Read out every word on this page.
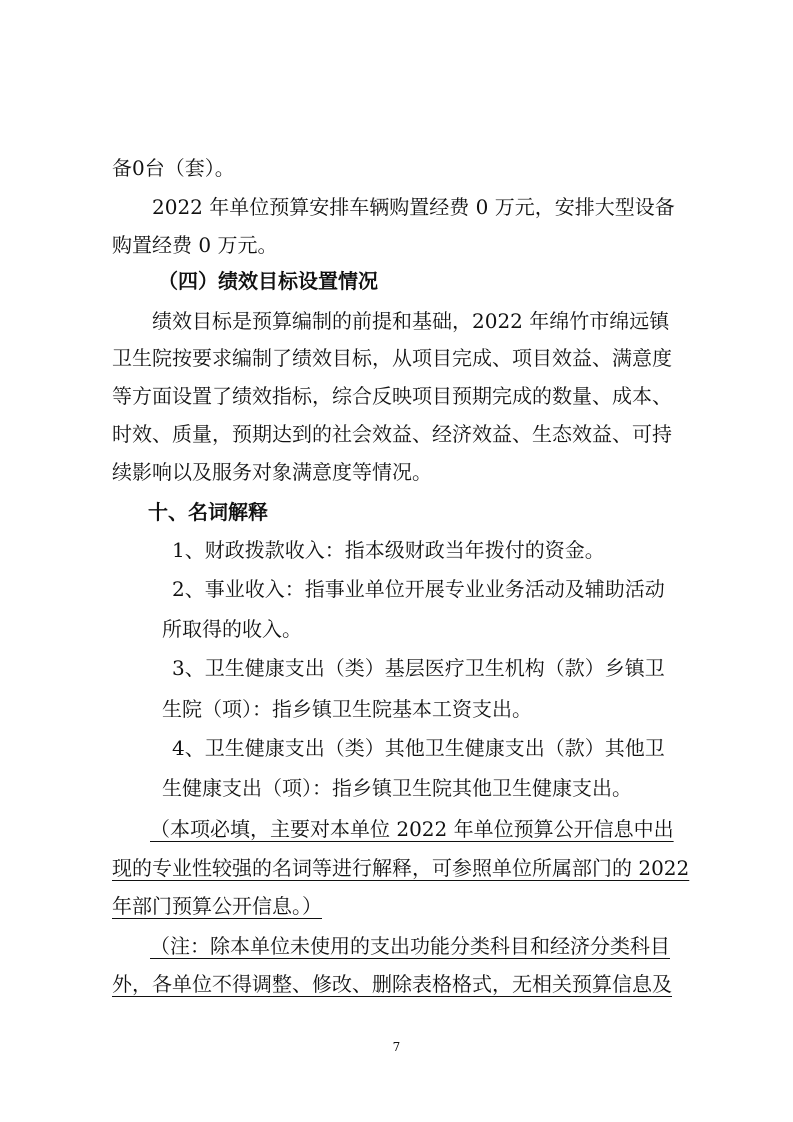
备0台（套）。
2022 年单位预算安排车辆购置经费 0 万元，安排大型设备
购置经费 0 万元。
（四）绩效目标设置情况
绩效目标是预算编制的前提和基础，2022 年绵竹市绵远镇
卫生院按要求编制了绩效目标，从项目完成、项目效益、满意度
等方面设置了绩效指标，综合反映项目预期完成的数量、成本、
时效、质量，预期达到的社会效益、经济效益、生态效益、可持
续影响以及服务对象满意度等情况。
十、名词解释
1、财政拨款收入：指本级财政当年拨付的资金。
2、事业收入：指事业单位开展专业业务活动及辅助活动
所取得的收入。
3、卫生健康支出（类）基层医疗卫生机构（款）乡镇卫
生院（项）：指乡镇卫生院基本工资支出。
4、卫生健康支出（类）其他卫生健康支出（款）其他卫
生健康支出（项）：指乡镇卫生院其他卫生健康支出。
（本项必填，主要对本单位 2022 年单位预算公开信息中出
现的专业性较强的名词等进行解释，可参照单位所属部门的 2022
年部门预算公开信息。）
（注：除本单位未使用的支出功能分类科目和经济分类科目
外，各单位不得调整、修改、删除表格格式，无相关预算信息及
7
